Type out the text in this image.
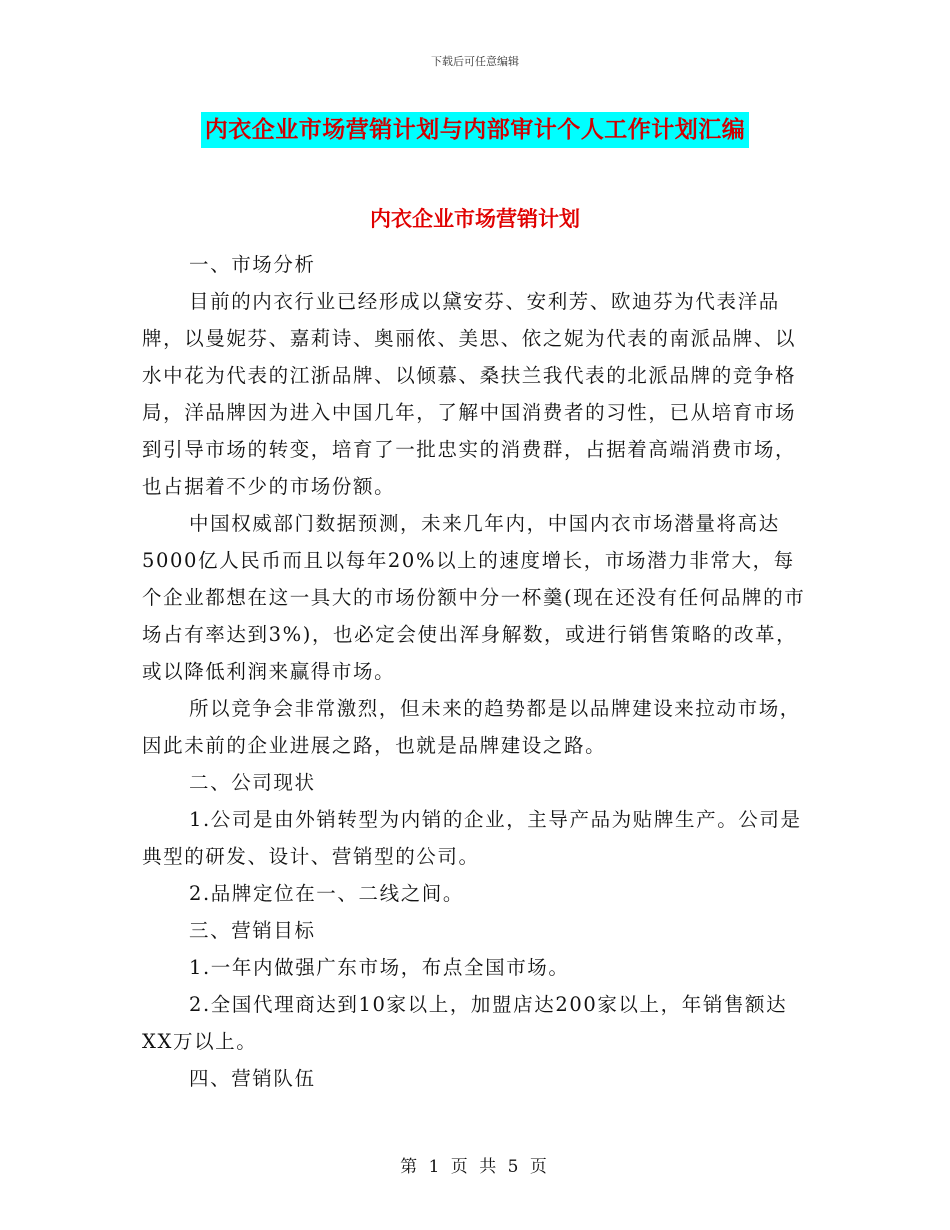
下载后可任意编辑
内衣企业市场营销计划与内部审计个人工作计划汇编
内衣企业市场营销计划

一、市场分析

目前的内衣行业已经形成以黛安芬、安利芳、欧迪芬为代表洋品牌，以曼妮芬、嘉莉诗、奥丽侬、美思、依之妮为代表的南派品牌、以水中花为代表的江浙品牌、以倾慕、桑扶兰我代表的北派品牌的竞争格局，洋品牌因为进入中国几年，了解中国消费者的习性，已从培育市场到引导市场的转变，培育了一批忠实的消费群，占据着高端消费市场，也占据着不少的市场份额。

中国权威部门数据预测，未来几年内，中国内衣市场潜量将高达5000亿人民币而且以每年20%以上的速度增长，市场潜力非常大，每个企业都想在这一具大的市场份额中分一杯羹(现在还没有任何品牌的市场占有率达到3%)，也必定会使出浑身解数，或进行销售策略的改革，或以降低利润来赢得市场。

所以竞争会非常激烈，但未来的趋势都是以品牌建设来拉动市场，因此未前的企业进展之路，也就是品牌建设之路。

二、公司现状

1.公司是由外销转型为内销的企业，主导产品为贴牌生产。公司是典型的研发、设计、营销型的公司。

2.品牌定位在一、二线之间。

三、营销目标

1.一年内做强广东市场，布点全国市场。

2.全国代理商达到10家以上，加盟店达200家以上，年销售额达XX万以上。

四、营销队伍

第 1 页 共 5 页
